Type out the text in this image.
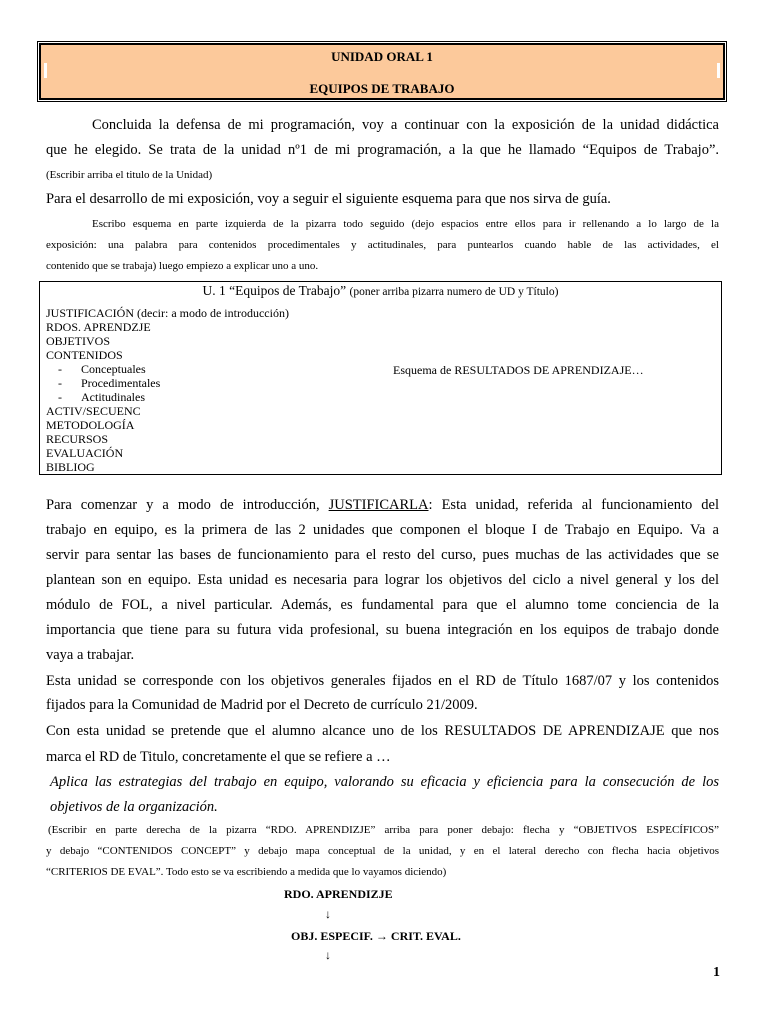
UNIDAD ORAL 1
EQUIPOS DE TRABAJO
Concluida la defensa de mi programación, voy a continuar con la exposición de la unidad didáctica
que he elegido. Se trata de la unidad nº1 de mi programación, a la que he llamado “Equipos de Trabajo”.
(Escribir arriba el titulo de la Unidad)
Para el desarrollo de mi exposición, voy a seguir el siguiente esquema para que nos sirva de guía.
Escribo esquema en parte izquierda de la pizarra todo seguido (dejo espacios entre ellos para ir rellenando a lo largo de la
exposición: una palabra para contenidos procedimentales y actitudinales, para puntearlos cuando hable de las actividades, el
contenido que se trabaja) luego empiezo a explicar uno a uno.
U. 1 “Equipos de Trabajo” (poner arriba pizarra numero de UD y Título)
JUSTIFICACIÓN (decir: a modo de introducción)
RDOS. APRENDZJE
OBJETIVOS
CONTENIDOS
- Conceptuales
- Procedimentales
- Actitudinales
ACTIV/SECUENC
METODOLOGÍA
RECURSOS
EVALUACIÓN
BIBLIOG
Esquema de RESULTADOS DE APRENDIZAJE…
Para comenzar y a modo de introducción, JUSTIFICARLA: Esta unidad, referida al funcionamiento del
trabajo en equipo, es la primera de las 2 unidades que componen el bloque I de Trabajo en Equipo. Va a
servir para sentar las bases de funcionamiento para el resto del curso, pues muchas de las actividades que se
plantean son en equipo. Esta unidad es necesaria para lograr los objetivos del ciclo a nivel general y los del
módulo de FOL, a nivel particular. Además, es fundamental para que el alumno tome conciencia de la
importancia que tiene para su futura vida profesional, su buena integración en los equipos de trabajo donde
vaya a trabajar.
Esta unidad se corresponde con los objetivos generales fijados en el RD de Título 1687/07 y los contenidos
fijados para la Comunidad de Madrid por el Decreto de currículo 21/2009.
Con esta unidad se pretende que el alumno alcance uno de los RESULTADOS DE APRENDIZAJE que nos
marca el RD de Titulo, concretamente el que se refiere a …
Aplica las estrategias del trabajo en equipo, valorando su eficacia y eficiencia para la consecución de los
objetivos de la organización.
(Escribir en parte derecha de la pizarra “RDO. APRENDIZJE” arriba para poner debajo: flecha y “OBJETIVOS ESPECÍFICOS”
y debajo “CONTENIDOS CONCEPT” y debajo mapa conceptual de la unidad, y en el lateral derecho con flecha hacia objetivos
“CRITERIOS DE EVAL”. Todo esto se va escribiendo a medida que lo vayamos diciendo)
RDO. APRENDIZJE
↓
OBJ. ESPECIF. → CRIT. EVAL.
↓
1
